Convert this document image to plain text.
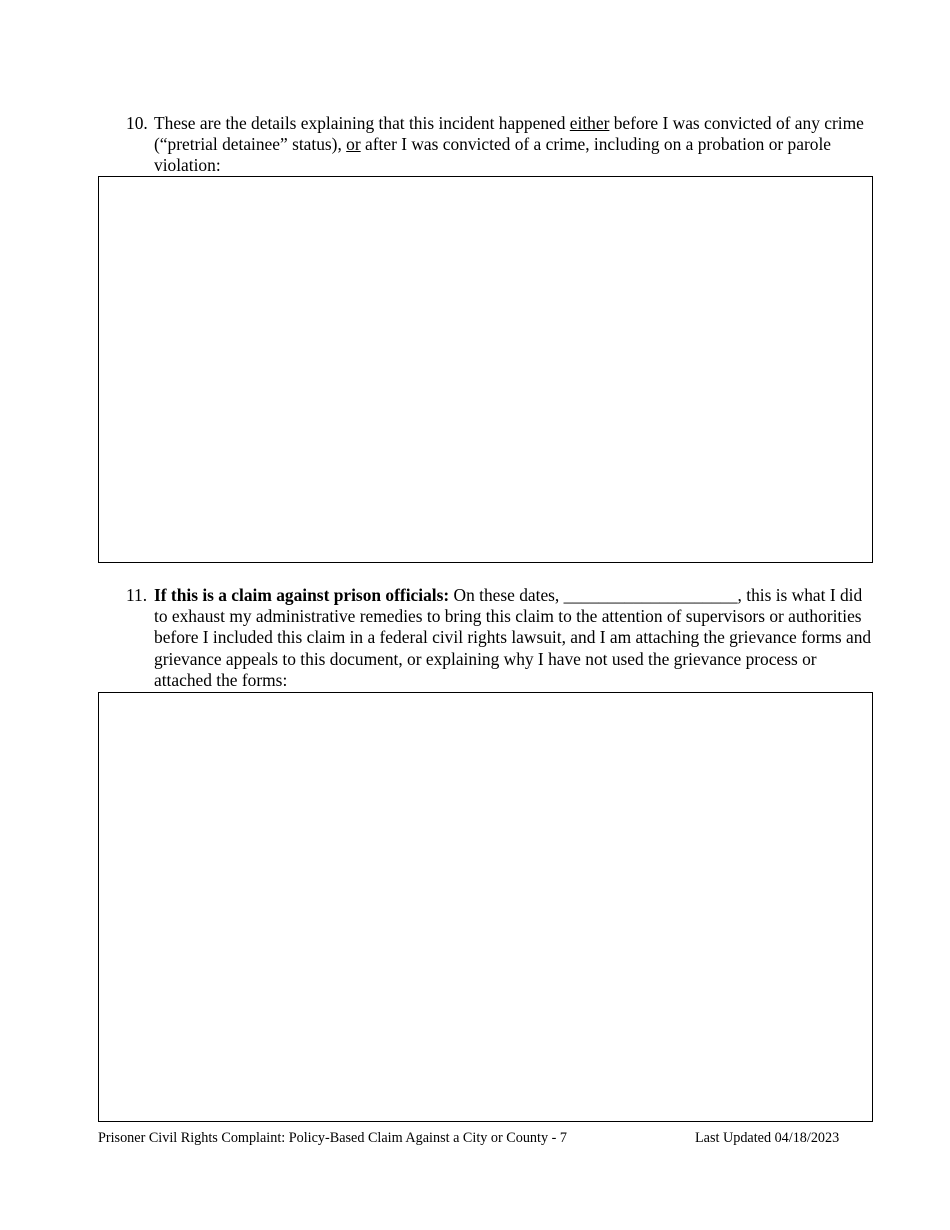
10. These are the details explaining that this incident happened either before I was convicted of any crime (“pretrial detainee” status), or after I was convicted of a crime, including on a probation or parole violation:
11. If this is a claim against prison officials: On these dates, ____________________, this is what I did to exhaust my administrative remedies to bring this claim to the attention of supervisors or authorities before I included this claim in a federal civil rights lawsuit, and I am attaching the grievance forms and grievance appeals to this document, or explaining why I have not used the grievance process or attached the forms:
Prisoner Civil Rights Complaint: Policy-Based Claim Against a City or County - 7	Last Updated 04/18/2023
